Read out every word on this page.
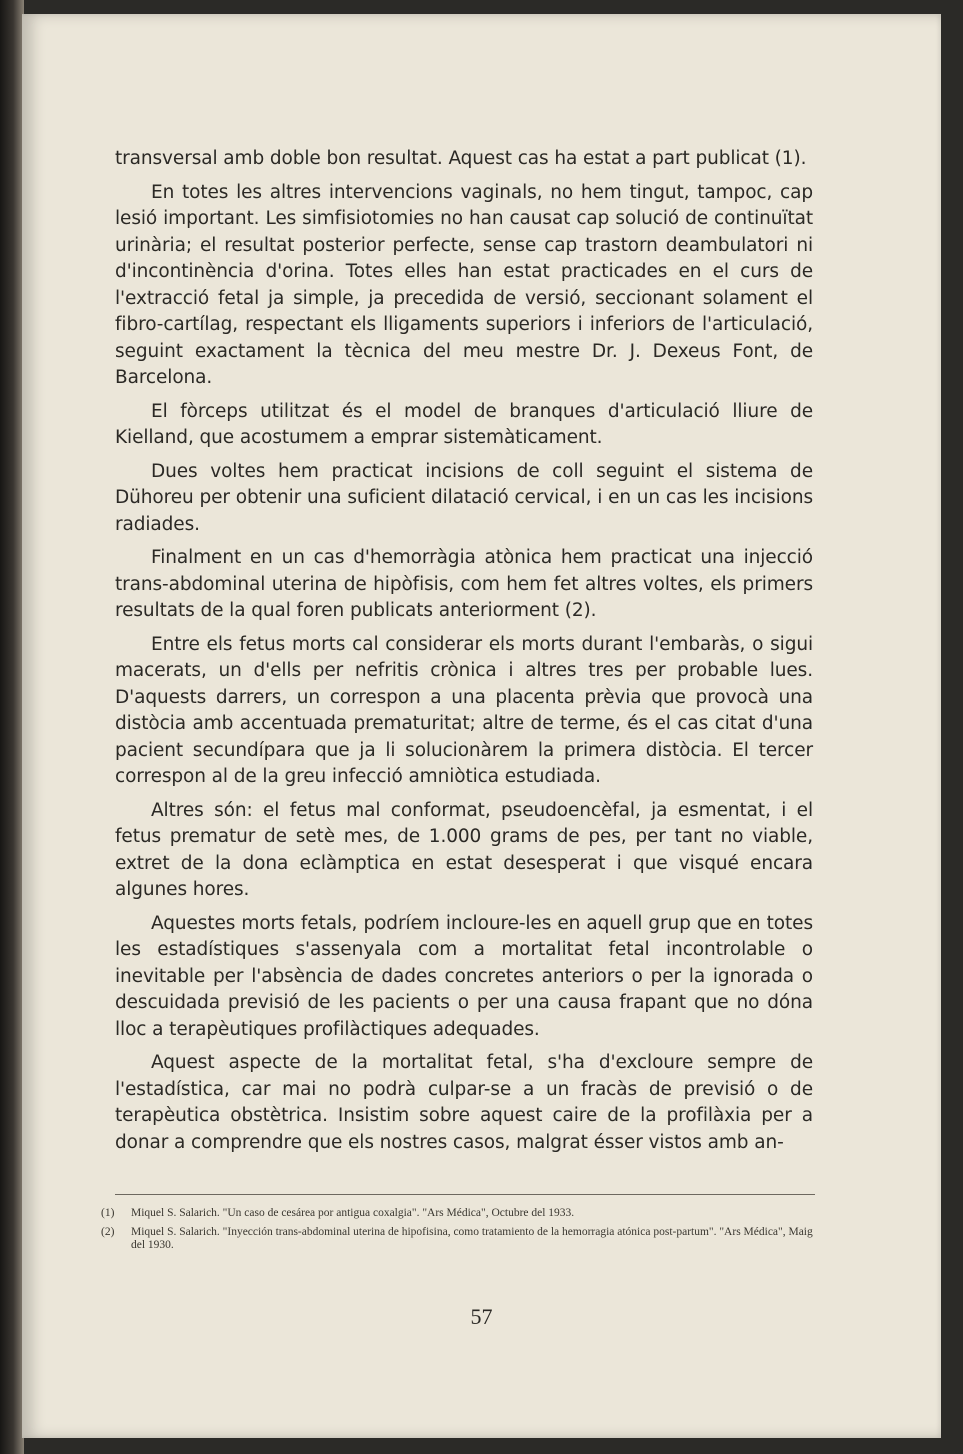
transversal amb doble bon resultat. Aquest cas ha estat a part publicat (1).

En totes les altres intervencions vaginals, no hem tingut, tampoc, cap lesió important. Les simfisiotomies no han causat cap solució de continuïtat urinària; el resultat posterior perfecte, sense cap trastorn deambulatori ni d'incontinència d'orina. Totes elles han estat practicades en el curs de l'extracció fetal ja simple, ja precedida de versió, seccionant solament el fibro-cartílag, respectant els lligaments superiors i inferiors de l'articulació, seguint exactament la tècnica del meu mestre Dr. J. Dexeus Font, de Barcelona.

El fòrceps utilitzat és el model de branques d'articulació lliure de Kielland, que acostumem a emprar sistemàticament.

Dues voltes hem practicat incisions de coll seguint el sistema de Dühoreu per obtenir una suficient dilatació cervical, i en un cas les incisions radiades.

Finalment en un cas d'hemorràgia atònica hem practicat una injecció trans-abdominal uterina de hipòfisis, com hem fet altres voltes, els primers resultats de la qual foren publicats anteriorment (2).

Entre els fetus morts cal considerar els morts durant l'embaràs, o sigui macerats, un d'ells per nefritis crònica i altres tres per probable lues. D'aquests darrers, un correspon a una placenta prèvia que provocà una distòcia amb accentuada prematuritat; altre de terme, és el cas citat d'una pacient secundípara que ja li solucionàrem la primera distòcia. El tercer correspon al de la greu infecció amniòtica estudiada.

Altres són: el fetus mal conformat, pseudoencèfal, ja esmentat, i el fetus prematur de setè mes, de 1.000 grams de pes, per tant no viable, extret de la dona eclàmptica en estat desesperat i que visqué encara algunes hores.

Aquestes morts fetals, podríem incloure-les en aquell grup que en totes les estadístiques s'assenyala com a mortalitat fetal incontrolable o inevitable per l'absència de dades concretes anteriors o per la ignorada o descuidada previsió de les pacients o per una causa frapant que no dóna lloc a terapèutiques profilàctiques adequades.

Aquest aspecte de la mortalitat fetal, s'ha d'excloure sempre de l'estadística, car mai no podrà culpar-se a un fracàs de previsió o de terapèutica obstètrica. Insistim sobre aquest caire de la profilàxia per a donar a comprendre que els nostres casos, malgrat ésser vistos amb an-

(1)	Miquel S. Salarich. "Un caso de cesárea por antigua coxalgia". "Ars Médica", Octubre del 1933.
(2)	Miquel S. Salarich. "Inyección trans-abdominal uterina de hipofisina, como tratamiento de la hemorragia atónica post-partum". "Ars Médica", Maig del 1930.
57
